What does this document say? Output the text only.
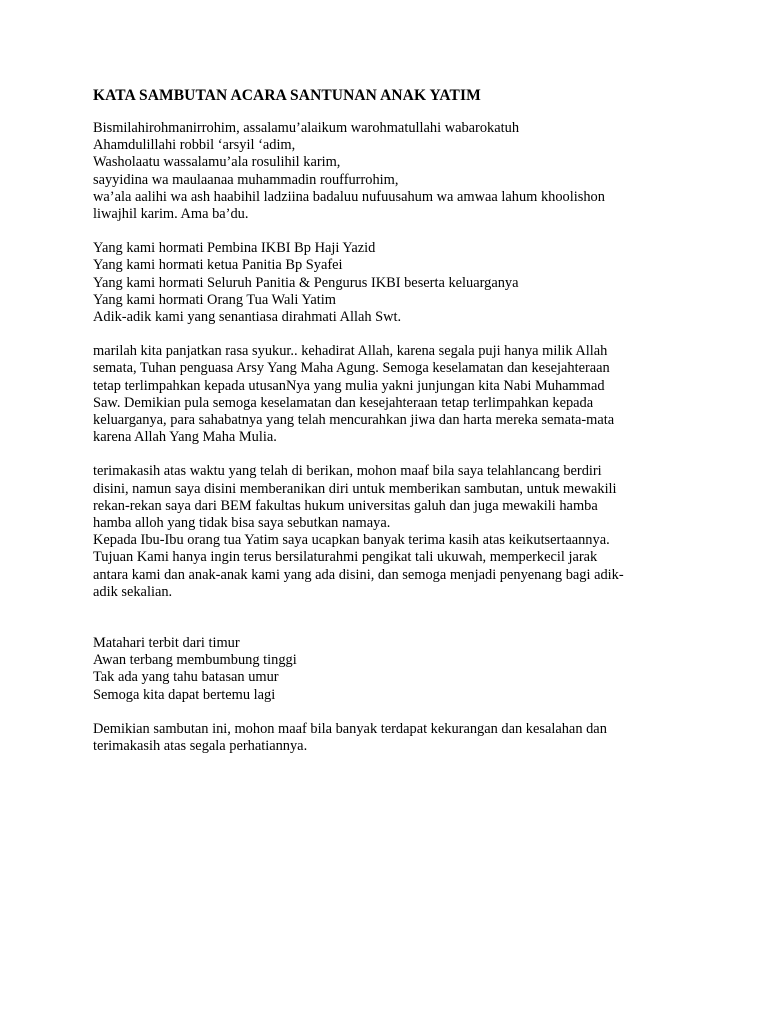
KATA SAMBUTAN ACARA SANTUNAN ANAK YATIM
Bismilahirohmanirrohim, assalamu’alaikum warohmatullahi wabarokatuh
Ahamdulillahi robbil ‘arsyil ‘adim,
Washolaatu wassalamu’ala rosulihil karim,
sayyidina wa maulaanaa muhammadin rouffurrohim,
wa’ala aalihi wa ash haabihil ladziina badaluu nufuusahum wa amwaa lahum khoolishon
liwajhil karim. Ama ba’du.
Yang kami hormati Pembina IKBI Bp Haji Yazid
Yang kami hormati ketua Panitia Bp Syafei
Yang kami hormati Seluruh Panitia & Pengurus IKBI beserta keluarganya
Yang kami hormati Orang Tua Wali Yatim
Adik-adik kami yang senantiasa dirahmati Allah Swt.
marilah kita panjatkan rasa syukur.. kehadirat Allah, karena segala puji hanya milik Allah
semata, Tuhan penguasa Arsy Yang Maha Agung. Semoga keselamatan dan kesejahteraan
tetap terlimpahkan kepada utusanNya yang mulia yakni junjungan kita Nabi Muhammad
Saw. Demikian pula semoga keselamatan dan kesejahteraan tetap terlimpahkan kepada
keluarganya, para sahabatnya yang telah mencurahkan jiwa dan harta mereka semata-mata
karena Allah Yang Maha Mulia.
terimakasih atas waktu yang telah di berikan, mohon maaf bila saya telahlancang berdiri
disini, namun saya disini memberanikan diri untuk memberikan sambutan, untuk mewakili
rekan-rekan saya dari BEM fakultas hukum universitas galuh dan juga mewakili hamba
hamba alloh yang tidak bisa saya sebutkan namaya.
Kepada Ibu-Ibu orang tua Yatim saya ucapkan banyak terima kasih atas keikutsertaannya.
Tujuan Kami hanya ingin terus bersilaturahmi pengikat tali ukuwah, memperkecil jarak
antara kami dan anak-anak kami yang ada disini, dan semoga menjadi penyenang bagi adik-
adik sekalian.
Matahari terbit dari timur
Awan terbang membumbung tinggi
Tak ada yang tahu batasan umur
Semoga kita dapat bertemu lagi
Demikian sambutan ini, mohon maaf bila banyak terdapat kekurangan dan kesalahan dan
terimakasih atas segala perhatiannya.
